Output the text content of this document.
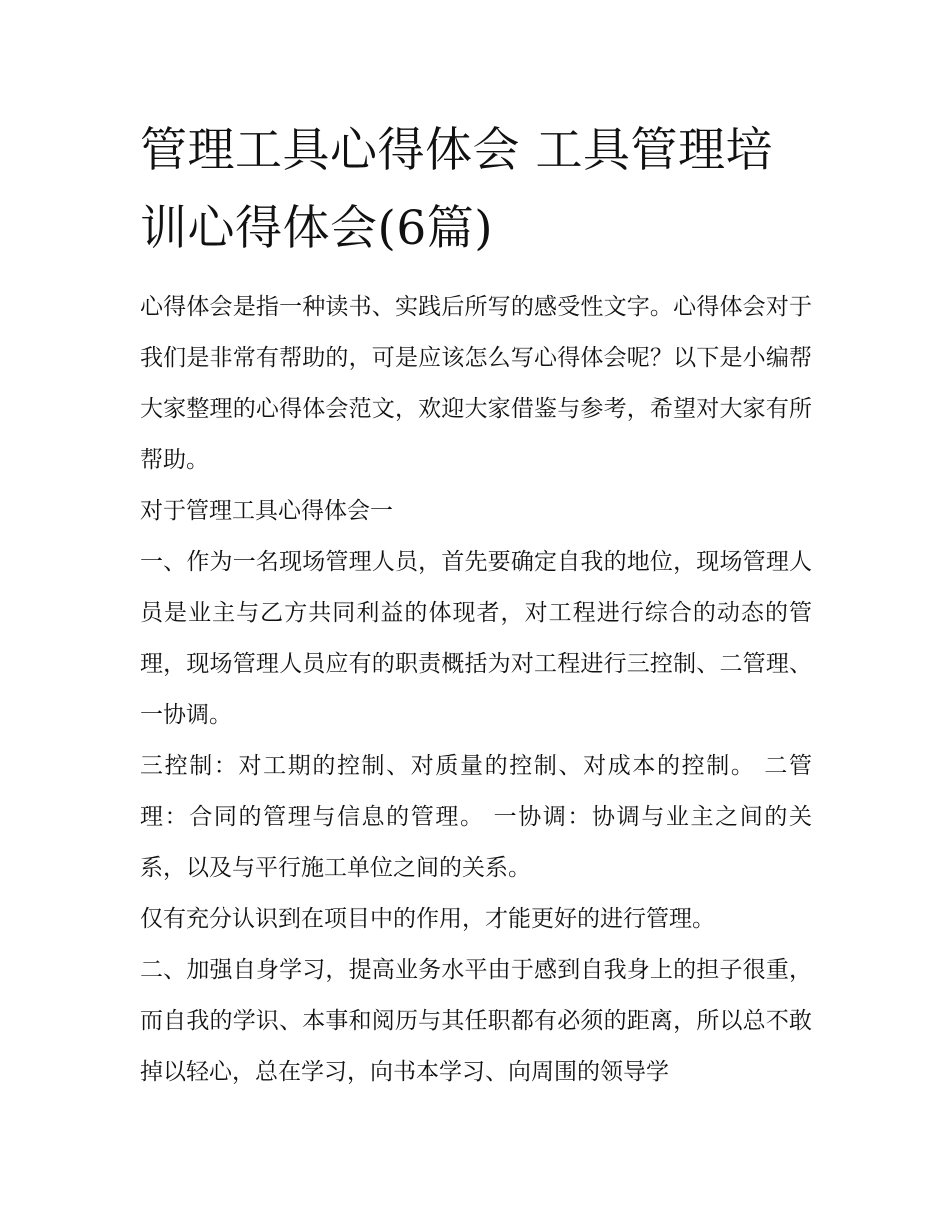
管理工具心得体会 工具管理培训心得体会(6篇)

心得体会是指一种读书、实践后所写的感受性文字。心得体会对于我们是非常有帮助的，可是应该怎么写心得体会呢？以下是小编帮大家整理的心得体会范文，欢迎大家借鉴与参考，希望对大家有所帮助。

对于管理工具心得体会一

一、作为一名现场管理人员，首先要确定自我的地位，现场管理人员是业主与乙方共同利益的体现者，对工程进行综合的动态的管理，现场管理人员应有的职责概括为对工程进行三控制、二管理、一协调。

三控制：对工期的控制、对质量的控制、对成本的控制。 二管理：合同的管理与信息的管理。 一协调：协调与业主之间的关系，以及与平行施工单位之间的关系。

仅有充分认识到在项目中的作用，才能更好的进行管理。

二、加强自身学习，提高业务水平由于感到自我身上的担子很重，而自我的学识、本事和阅历与其任职都有必须的距离，所以总不敢掉以轻心，总在学习，向书本学习、向周围的领导学
